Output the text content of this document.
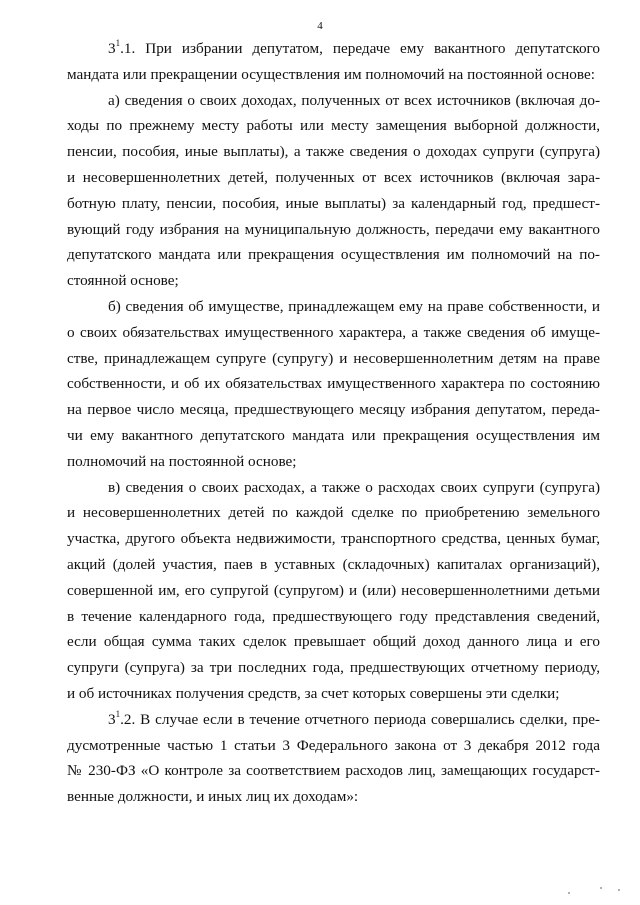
4
$3^1.1$. При избрании депутатом, передаче ему вакантного депутатского
мандата или прекращении осуществления им полномочий на постоянной основе:
а) сведения о своих доходах, полученных от всех источников (включая до-
ходы по прежнему месту работы или месту замещения выборной должности,
пенсии, пособия, иные выплаты), а также сведения о доходах супруги (супруга)
и несовершеннолетних детей, полученных от всех источников (включая зара-
ботную плату, пенсии, пособия, иные выплаты) за календарный год, предшест-
вующий году избрания на муниципальную должность, передачи ему вакантного
депутатского мандата или прекращения осуществления им полномочий на по-
стоянной основе;
б) сведения об имуществе, принадлежащем ему на праве собственности, и
о своих обязательствах имущественного характера, а также сведения об имуще-
стве, принадлежащем супруге (супругу) и несовершеннолетним детям на праве
собственности, и об их обязательствах имущественного характера по состоянию
на первое число месяца, предшествующего месяцу избрания депутатом, переда-
чи ему вакантного депутатского мандата или прекращения осуществления им
полномочий на постоянной основе;
в) сведения о своих расходах, а также о расходах своих супруги (супруга)
и несовершеннолетних детей по каждой сделке по приобретению земельного
участка, другого объекта недвижимости, транспортного средства, ценных бумаг,
акций (долей участия, паев в уставных (складочных) капиталах организаций),
совершенной им, его супругой (супругом) и (или) несовершеннолетними детьми
в течение календарного года, предшествующего году представления сведений,
если общая сумма таких сделок превышает общий доход данного лица и его
супруги (супруга) за три последних года, предшествующих отчетному периоду,
и об источниках получения средств, за счет которых совершены эти сделки;
$3^1.2$. В случае если в течение отчетного периода совершались сделки, пре-
дусмотренные частью 1 статьи 3 Федерального закона от 3 декабря 2012 года
№ 230-ФЗ «О контроле за соответствием расходов лиц, замещающих государст-
венные должности, и иных лиц их доходам»:
